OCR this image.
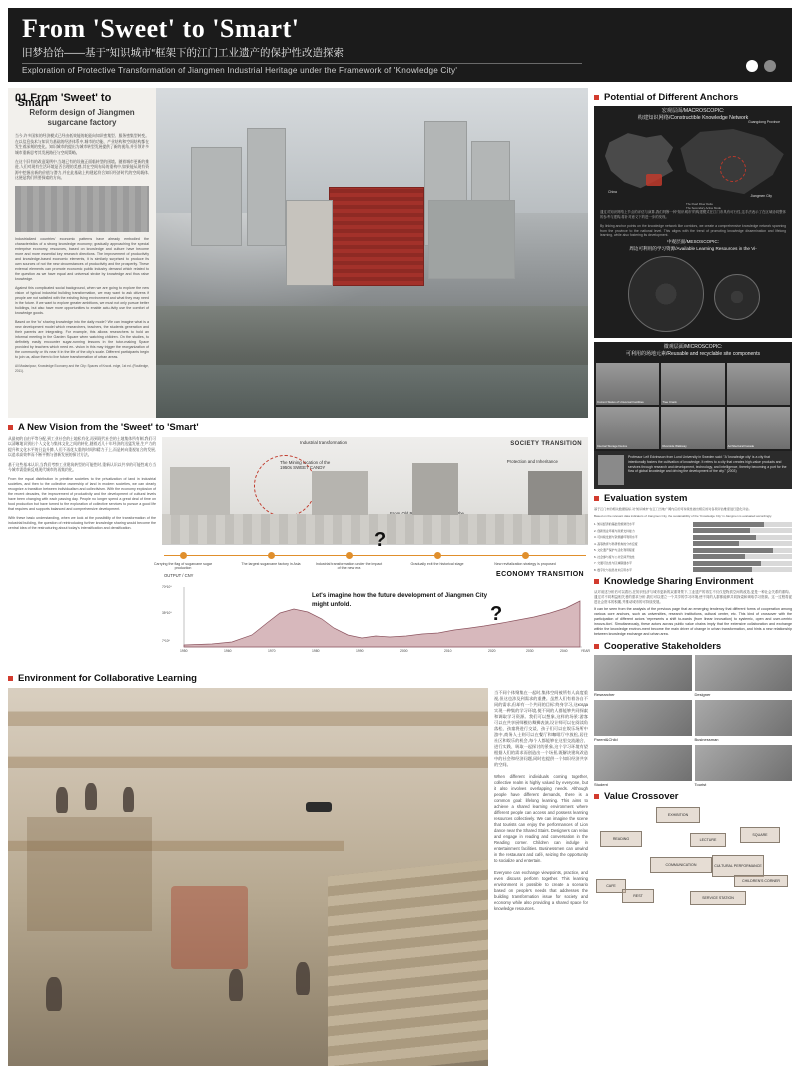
From 'Sweet' to 'Smart'
旧梦拾饴——基于”知识城市“框架下的江门工业遗产的保护性改造探索
Exploration of Protective Transformation of Jiangmen Industrial Heritage under the Framework of 'Knowledge City'
01 From 'Sweet' to 'Smart'
Reform design of Jiangmen sugarcane factory
当今,许多国家的经济模式已经由低效能的耗能向知识密集型、服务密集型转变。在以信息技术与知识为基础的经济体系中,城市的功能、产业结构和空间结构都在发生着深刻的变化。知识城市的提出为城市转型发展提供了新的视角,并引领许多城市重新思考其发展路径与空间策略。
在这个旧有的改造案例中,当地已有的设施正面临转型的困境。随着城市更新的推进,人们对现有生活环境是否合理的美感,其在空间布局的重构中,如果能从现有资源中挖掘出新的价值与潜力,并在此基础上构建起符合知识经济时代的空间载体,这便是我们所要探索的方向。
Industrialized countries' economic patterns have already embodied the characteristics of a strong knowledge economy; gradually approaching the special enterprise economy, resources, based on knowledge and culture have become more and more essential key research directions. The improvement of productivity and knowledge-based economic elements, it is similarly surprised to produce its own sources of not the new circumstances of productivity and the prosperity. These external elements can promote economic public industry demand which related to the question as we have equal and universal stroke by knowledge and thus raise knowledge.
Against this complicated social background, when we are going to explore the new vision of typical industrial building transformation, we may want to ask citizens if people are not satisfied with the existing living environment and what they may need in the future. If we want to explore greater ambitions, we must not only pursue better buildings, but also have more opportunities to enable actu-tivity use the comfort of knowledge goods.
Based on the 'to' sharing knowledge into the daily mode? We can imagine what is a new development model which researchers, teachers, the students generation and their parents are integrating. For example, this allows researchers to hold an informal meeting in the Garden Square when watching children. On the studies, to definitely easily encounter sugar-running lessons in the tutor-making Space provided by teachers which need en- vision in this may trigger the reorganization of the community or it's near it in the life of the city's scale. Different participants begin to join us, allow them to live future transformation of urban areas.
Ali Madanipour, Knowledge Economy and the City: Spaces of Knowl- edge, 1st ed. (Routledge, 2011).
A New Vision from the 'Sweet' to 'Smart'
从最初的自由平等分配,到工业社会的土地私有化,再到现代社会的土地集体所有制,我们可以清晰地识别出个人文化与集体文化之间的转化,随着近几十年经济的迅猛发展,生产力的提升和文化水平的日益升腾,人们不再花太重的时间和精力于上,而是转向重视复合的发展,以追求高效率而不断平衡与创新发展的探讨方法。
基于这些基本认识,当我们考察工业建筑转型的可能性时,重新认识以共享的可能性或方当今城市需重新反观现代城市的再集约化。
From the equal distribution in primitive societies to the privatization of land in industrial societies, and then to the collective ownership of land in modern societies, we can clearly recognize a transition between individualism and collectivism. With the economy explosion of the recent decades, the improvement of productivity and the development of cultural levels have been changing with each passing day. People no longer spend a great deal of time on food production but have turned to the exploration of collective services to pursue a good life that requires and supports balanced and comprehensive development.
With these basic understanding, when we look at the possibility of the transformation of the industrial building, the question of reintroducing further knowledge sharing would become the central idea of the restructuring about today's intensification and densification.
SOCIETY TRANSITION
Industrial transformation
The Mining location of the 1950s SWEET CANDY
Protection and Inheritance
Carrying the flag of sugarcane sugar production
The largest sugarcane factory in Asia	Industrial transformation under the impact of the new era
Gradually exit the historical stage	New revitalization strategy is proposed
OUTPUT / CNY	ECONOMY TRANSITION
70*10⁸
35*10⁸
7*10⁸
1950	1960	1970	1980	1990	2000	2010	2020	2030	2040	YEAR
Let's imagine how the future development of Jiangmen City might unfold.
?
?
Environment for Collaborative Learning
当不同个体聚集在一起时,集体空间被所有人高度重视,但这也涉及到需求的重叠。虽然人们有着各自不同的需求,但却有一个共同的目标:终身学习,这когда实现一种集的学习环境,使不同的人群能够共同探索和调取学习资源。我们可以想象,这样的场景:游客可以在共享厨师模仿舞狮表演,设计师可以在阅读角落松、孩童将进行交谈、孩子们可以在娱乐场所中游中,商务人士则可以在餐厅和咖啡厅中放松,居住社区和娱乐的机会,每个人都能够在这里交流融合、进行实践、吸取一起探讨的景象,这个学习环境有望根据人们的需求而创造出一个场景,既解决建筑改造中的社会和经济问题,同时也提供一个知识经济共享的空间。
When different individuals coming together, collective realm is highly valued by everyone, but it also involves overlapping needs. Although people have different demands, there is a common goal: lifelong learning. This aims to achieve a shared learning environment where different people can access and possess learning resources collectively. We can imagine the scene that tourists can enjoy the performances of Lion dance near the Shared Stairs. Designers can relax and engage in reading and conversation in the Reading corner. Children can indulge in entertainment facilities. Businessmen can unwind in the restaurant and café, seizing the opportunity to socialize and entertain.
Everyone can exchange viewpoints, practice, and even discuss perform together. This learning environment is possible to create a scenario based on people's needs that addresses the building transformation issue for society and economy while also providing a shared space for knowledge resources.
Potential of Different Anchors
宏观层面/MACROSCOPIC:
构建知识网络/Constructible Knowledge Network
Guangdong Province
China
Jiangmen City
The Pearl River Delta
The Secondary Active Mode
通过对知识网络上节点的评估与演算,我们判断一种“知识城市”的构建模式在江门市具有可行性,这手法表示了在区域协同整体的参考与建构,将针对意义下的进一步的发现。
By linking anchor points on the knowledge network like corridors, we create a comprehensive knowledge network spanning from the province to the national level. This aligns with the trend of promoting knowledge dissemination and lifelong learning, while also fostering its development.
中观层面/MESOSCOPIC:
周边可利用的学习资源/Available Learning Resources in the Vi-
微观层面/MICROSCOPIC:
可利用的场地元素/Reusable and recyclable site components
Current Status of Universal Facilities	Tree Crank
Internal Storage Device	Riverside Walkway	Architectural Facade
Professor Leif Edvinsson from Lund University in Sweden said: "A 'knowledge city' is a city that intentionally fosters the cultivation of knowledge. It refers to a city that creates high-value products and services through research and development, technology, and intelligence, thereby becoming a port for the flow of global knowledge and driving the development of the city." (2003)
Evaluation system
基于江门市的相关数据指标,对“知识城市”在江门当地广阔内应的可持续性做出相应的对各项评估维度进行量化评估。
Based on the relevant data indicators of Jiangmen City, the sustainability of the 'Knowledge City' in Jiangmen is evaluated accordingly.
1. 知识经济的基础设施建设水平
2. 创新创业环境与政策支持能力
3. 可持续发展与资源循环利用水平
4. 高等教育与科研机构的分布密度
5. 文化遗产保护与活化利用程度
6. 社会参与度与公共空间开放性
7. 交通可达性与区域联通水平
8. 数字化与信息技术应用水平
Knowledge Sharing Environment
从对前述分析后可以看出,在知识经济与城市更新的双重背景下,工业遗产的再生不仅仅是物质空间的改造,更是一种社会关系的重构。通过对不同利益相关者的需求分析,我们可以建立一个共享的学习环境,使不同的人群都能够共同探索和调取学习资源。这一过程将促进社会资本的积累,并推动城市的可持续发展。
It can be seen from the analysis of the previous page that an emerging tendency that different forms of cooperation among various core anchors, such as universities, research institutions, cultural center, etc. This kind of crossover with the participation of different actors 'represents a shift to-wards (from linear innovation) to systemic, open and user-centric innova-tion'. Simultaneously, these actors across public value chains imply that the extensive collaboration and exchange within the knowledge environ-ment become the main driver of change in urban transformation, and hints a new relationship between knowledge exchange and urban area.
Cooperative Stakeholders
Researcher	Designer
Parent&Child	Businessman
Student	Tourist
Value Crossover
EXHIBITION
READING	LECTURE
SQUARE
COMMUNICATION	CULTURAL PERFORMANCE
CHILDREN'S CORNER
CAFE
REST	SERVICE STATION
